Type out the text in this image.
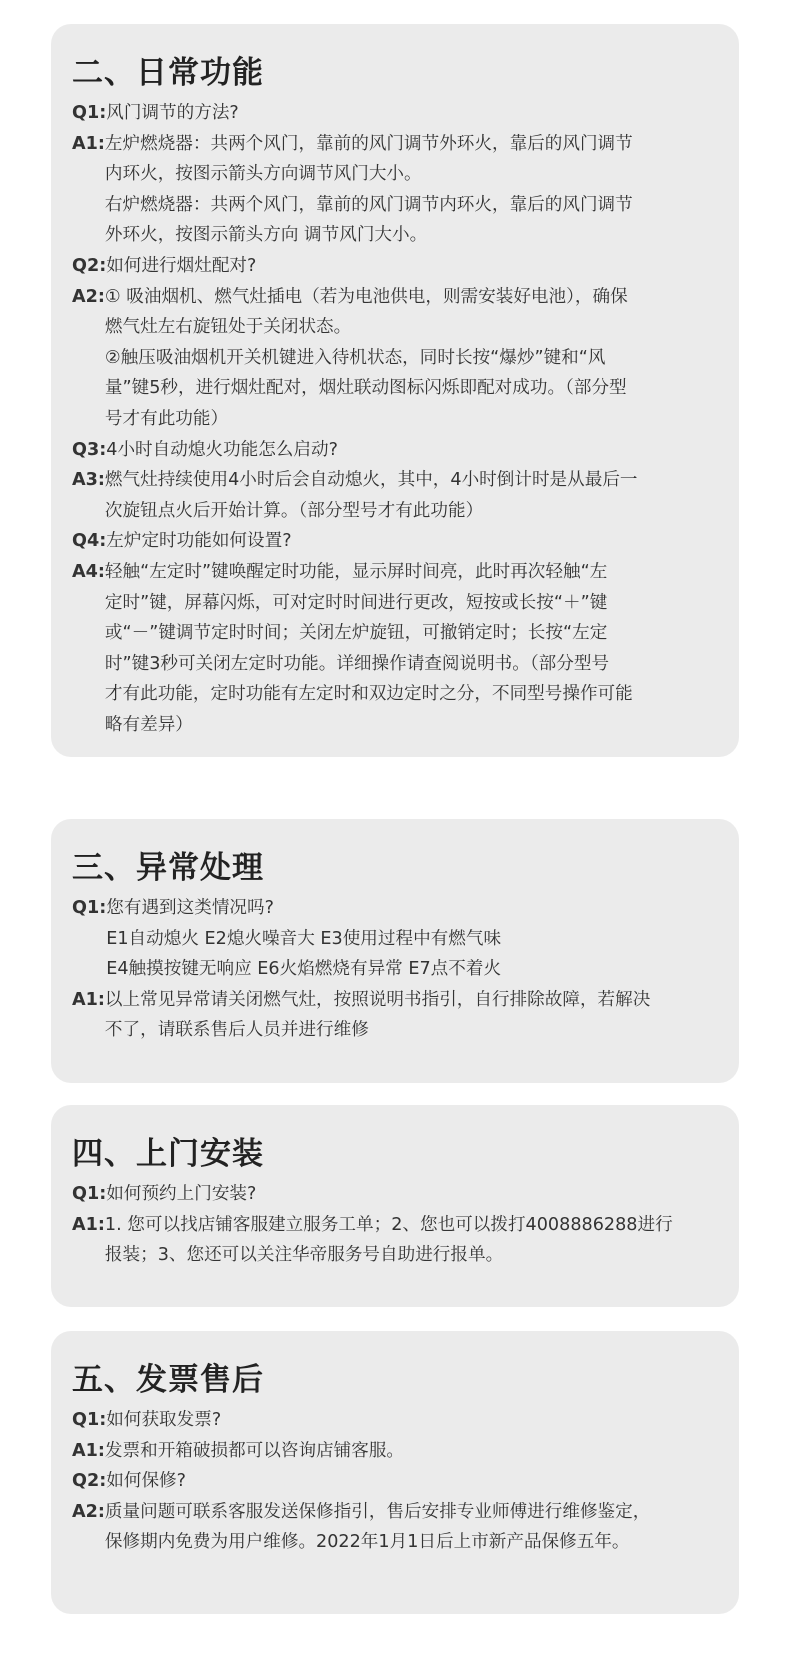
二、日常功能
Q1: 风门调节的方法?
A1: 左炉燃烧器：共两个风门，靠前的风门调节外环火，靠后的风门调节
内环火，按图示箭头方向调节风门大小。
右炉燃烧器：共两个风门，靠前的风门调节内环火，靠后的风门调节
外环火，按图示箭头方向 调节风门大小。
Q2: 如何进行烟灶配对?
A2: ① 吸油烟机、燃气灶插电（若为电池供电，则需安装好电池），确保
燃气灶左右旋钮处于关闭状态。
②触压吸油烟机开关机键进入待机状态，同时长按“爆炒”键和“风
量”键5秒，进行烟灶配对，烟灶联动图标闪烁即配对成功。（部分型
号才有此功能）
Q3: 4小时自动熄火功能怎么启动?
A3: 燃气灶持续使用4小时后会自动熄火，其中，4小时倒计时是从最后一
次旋钮点火后开始计算。（部分型号才有此功能）
Q4: 左炉定时功能如何设置?
A4: 轻触“左定时”键唤醒定时功能，显示屏时间亮，此时再次轻触“左
定时”键，屏幕闪烁，可对定时时间进行更改，短按或长按“＋”键
或“－”键调节定时时间；关闭左炉旋钮，可撤销定时；长按“左定
时”键3秒可关闭左定时功能。详细操作请查阅说明书。（部分型号
才有此功能，定时功能有左定时和双边定时之分，不同型号操作可能
略有差异）
三、异常处理
Q1: 您有遇到这类情况吗?
E1自动熄火 E2熄火噪音大 E3使用过程中有燃气味
E4触摸按键无响应 E6火焰燃烧有异常 E7点不着火
A1: 以上常见异常请关闭燃气灶，按照说明书指引，自行排除故障，若解决
不了，请联系售后人员并进行维修
四、上门安装
Q1: 如何预约上门安装?
A1: 1. 您可以找店铺客服建立服务工单；2、您也可以拨打4008886288进行
报装；3、您还可以关注华帝服务号自助进行报单。
五、发票售后
Q1: 如何获取发票?
A1: 发票和开箱破损都可以咨询店铺客服。
Q2: 如何保修?
A2: 质量问题可联系客服发送保修指引，售后安排专业师傅进行维修鉴定，
保修期内免费为用户维修。2022年1月1日后上市新产品保修五年。
